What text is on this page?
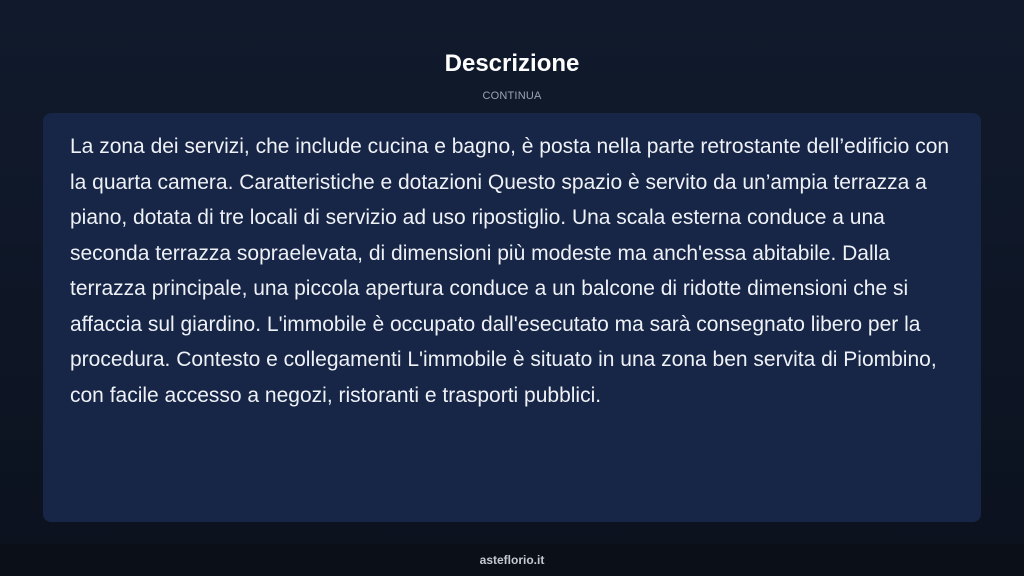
Descrizione
CONTINUA

La zona dei servizi, che include cucina e bagno, è posta nella parte retrostante dell’edificio con la quarta camera. Caratteristiche e dotazioni Questo spazio è servito da un’ampia terrazza a piano, dotata di tre locali di servizio ad uso ripostiglio. Una scala esterna conduce a una seconda terrazza sopraelevata, di dimensioni più modeste ma anch'essa abitabile. Dalla terrazza principale, una piccola apertura conduce a un balcone di ridotte dimensioni che si affaccia sul giardino. L'immobile è occupato dall'esecutato ma sarà consegnato libero per la procedura. Contesto e collegamenti L'immobile è situato in una zona ben servita di Piombino, con facile accesso a negozi, ristoranti e trasporti pubblici.

asteflorio.it
